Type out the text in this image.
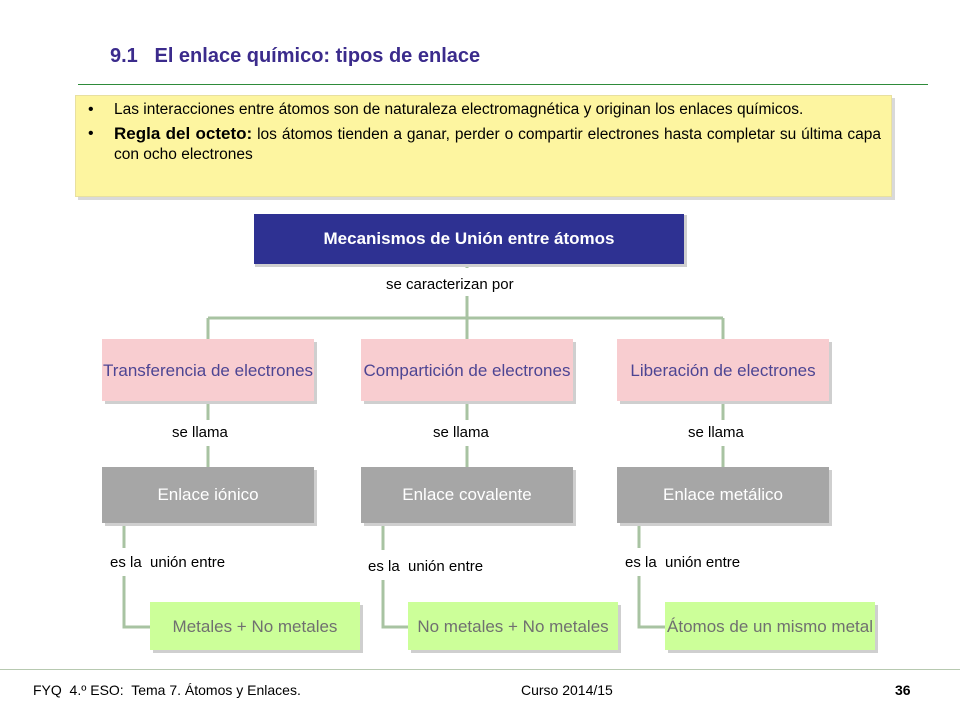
9.1   El enlace químico: tipos de enlace
• Las interacciones entre átomos son de naturaleza electromagnética y originan los enlaces químicos.
• Regla del octeto: los átomos tienden a ganar, perder o compartir electrones hasta completar su última capa con ocho electrones
Mecanismos de Unión entre átomos
se caracterizan por
Transferencia de electrones	Compartición de electrones	Liberación de electrones
se llama	se llama	se llama
Enlace iónico	Enlace covalente	Enlace metálico
es la  unión entre	es la  unión entre	es la  unión entre
Metales + No metales	No metales + No metales	Átomos de un mismo metal
FYQ  4.º ESO:  Tema 7. Átomos y Enlaces.	Curso 2014/15	36
